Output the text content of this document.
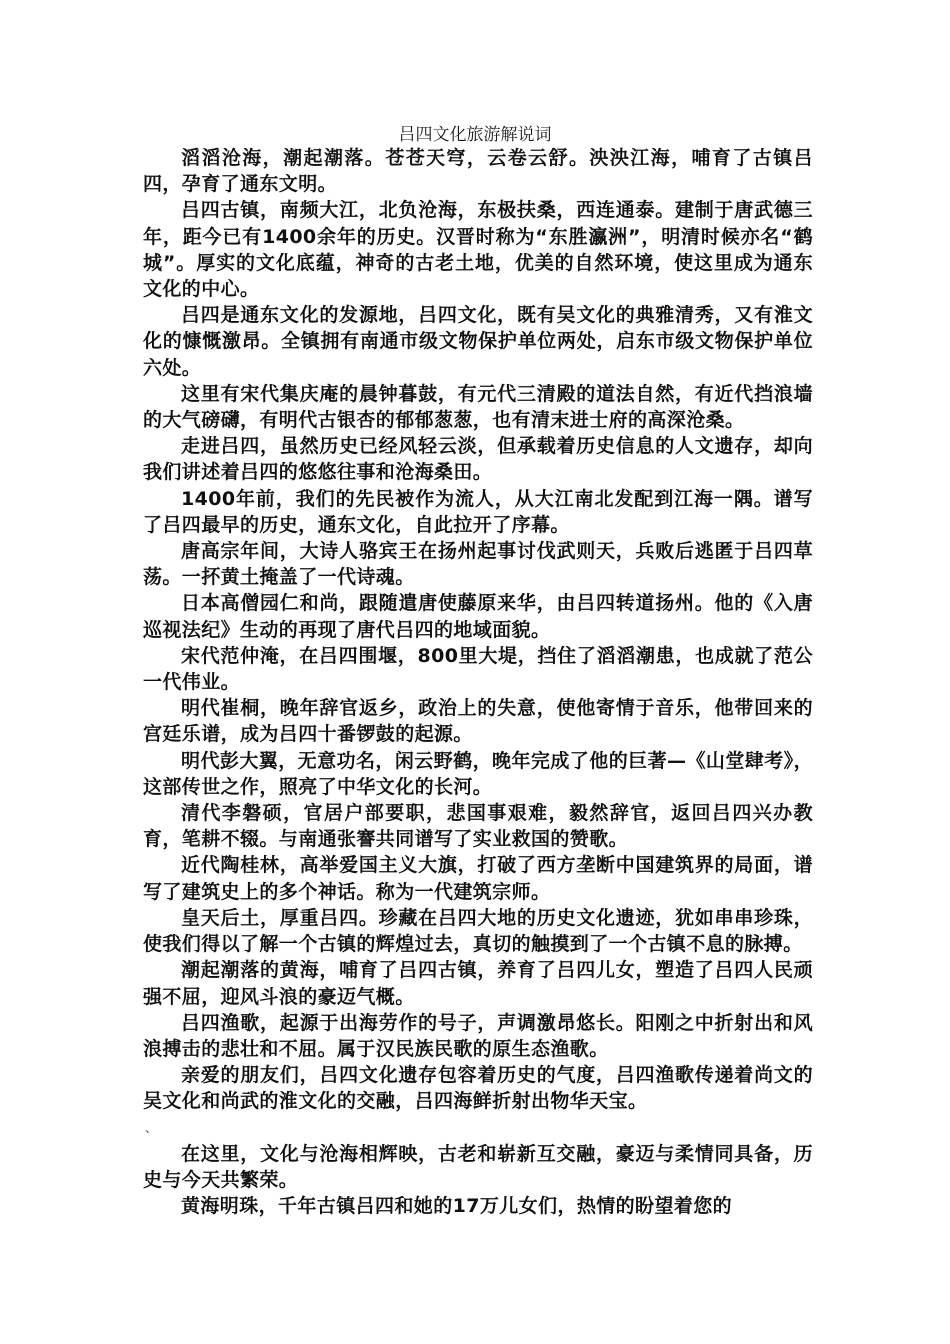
吕四文化旅游解说词

滔滔沧海，潮起潮落。苍苍天穹，云卷云舒。泱泱江海，哺育了古镇吕四，孕育了通东文明。

吕四古镇，南频大江，北负沧海，东极扶桑，西连通泰。建制于唐武德三年，距今已有1400余年的历史。汉晋时称为“东胜瀛洲”，明清时候亦名“鹤城”。厚实的文化底蕴，神奇的古老土地，优美的自然环境，使这里成为通东文化的中心。

吕四是通东文化的发源地，吕四文化，既有吴文化的典雅清秀，又有淮文化的慷慨激昂。全镇拥有南通市级文物保护单位两处，启东市级文物保护单位六处。

这里有宋代集庆庵的晨钟暮鼓，有元代三清殿的道法自然，有近代挡浪墙的大气磅礴，有明代古银杏的郁郁葱葱，也有清末进士府的高深沧桑。

走进吕四，虽然历史已经风轻云淡，但承载着历史信息的人文遗存，却向我们讲述着吕四的悠悠往事和沧海桑田。

1400年前，我们的先民被作为流人，从大江南北发配到江海一隅。谱写了吕四最早的历史，通东文化，自此拉开了序幕。

唐高宗年间，大诗人骆宾王在扬州起事讨伐武则天，兵败后逃匿于吕四草荡。一抔黄土掩盖了一代诗魂。

日本高僧园仁和尚，跟随遣唐使藤原来华，由吕四转道扬州。他的《入唐巡视法纪》生动的再现了唐代吕四的地域面貌。

宋代范仲淹，在吕四围堰，800里大堤，挡住了滔滔潮患，也成就了范公一代伟业。

明代崔桐，晚年辞官返乡，政治上的失意，使他寄情于音乐，他带回来的宫廷乐谱，成为吕四十番锣鼓的起源。

明代彭大翼，无意功名，闲云野鹤，晚年完成了他的巨著—《山堂肆考》，这部传世之作，照亮了中华文化的长河。

清代李磐硕，官居户部要职，悲国事艰难，毅然辞官，返回吕四兴办教育，笔耕不辍。与南通张謇共同谱写了实业救国的赞歌。

近代陶桂林，高举爱国主义大旗，打破了西方垄断中国建筑界的局面，谱写了建筑史上的多个神话。称为一代建筑宗师。

皇天后土，厚重吕四。珍藏在吕四大地的历史文化遗迹，犹如串串珍珠，使我们得以了解一个古镇的辉煌过去，真切的触摸到了一个古镇不息的脉搏。

潮起潮落的黄海，哺育了吕四古镇，养育了吕四儿女，塑造了吕四人民顽强不屈，迎风斗浪的豪迈气概。

吕四渔歌，起源于出海劳作的号子，声调激昂悠长。阳刚之中折射出和风浪搏击的悲壮和不屈。属于汉民族民歌的原生态渔歌。

亲爱的朋友们，吕四文化遗存包容着历史的气度，吕四渔歌传递着尚文的吴文化和尚武的淮文化的交融，吕四海鲜折射出物华天宝。

、

在这里，文化与沧海相辉映，古老和崭新互交融，豪迈与柔情同具备，历史与今天共繁荣。

黄海明珠，千年古镇吕四和她的17万儿女们，热情的盼望着您的
